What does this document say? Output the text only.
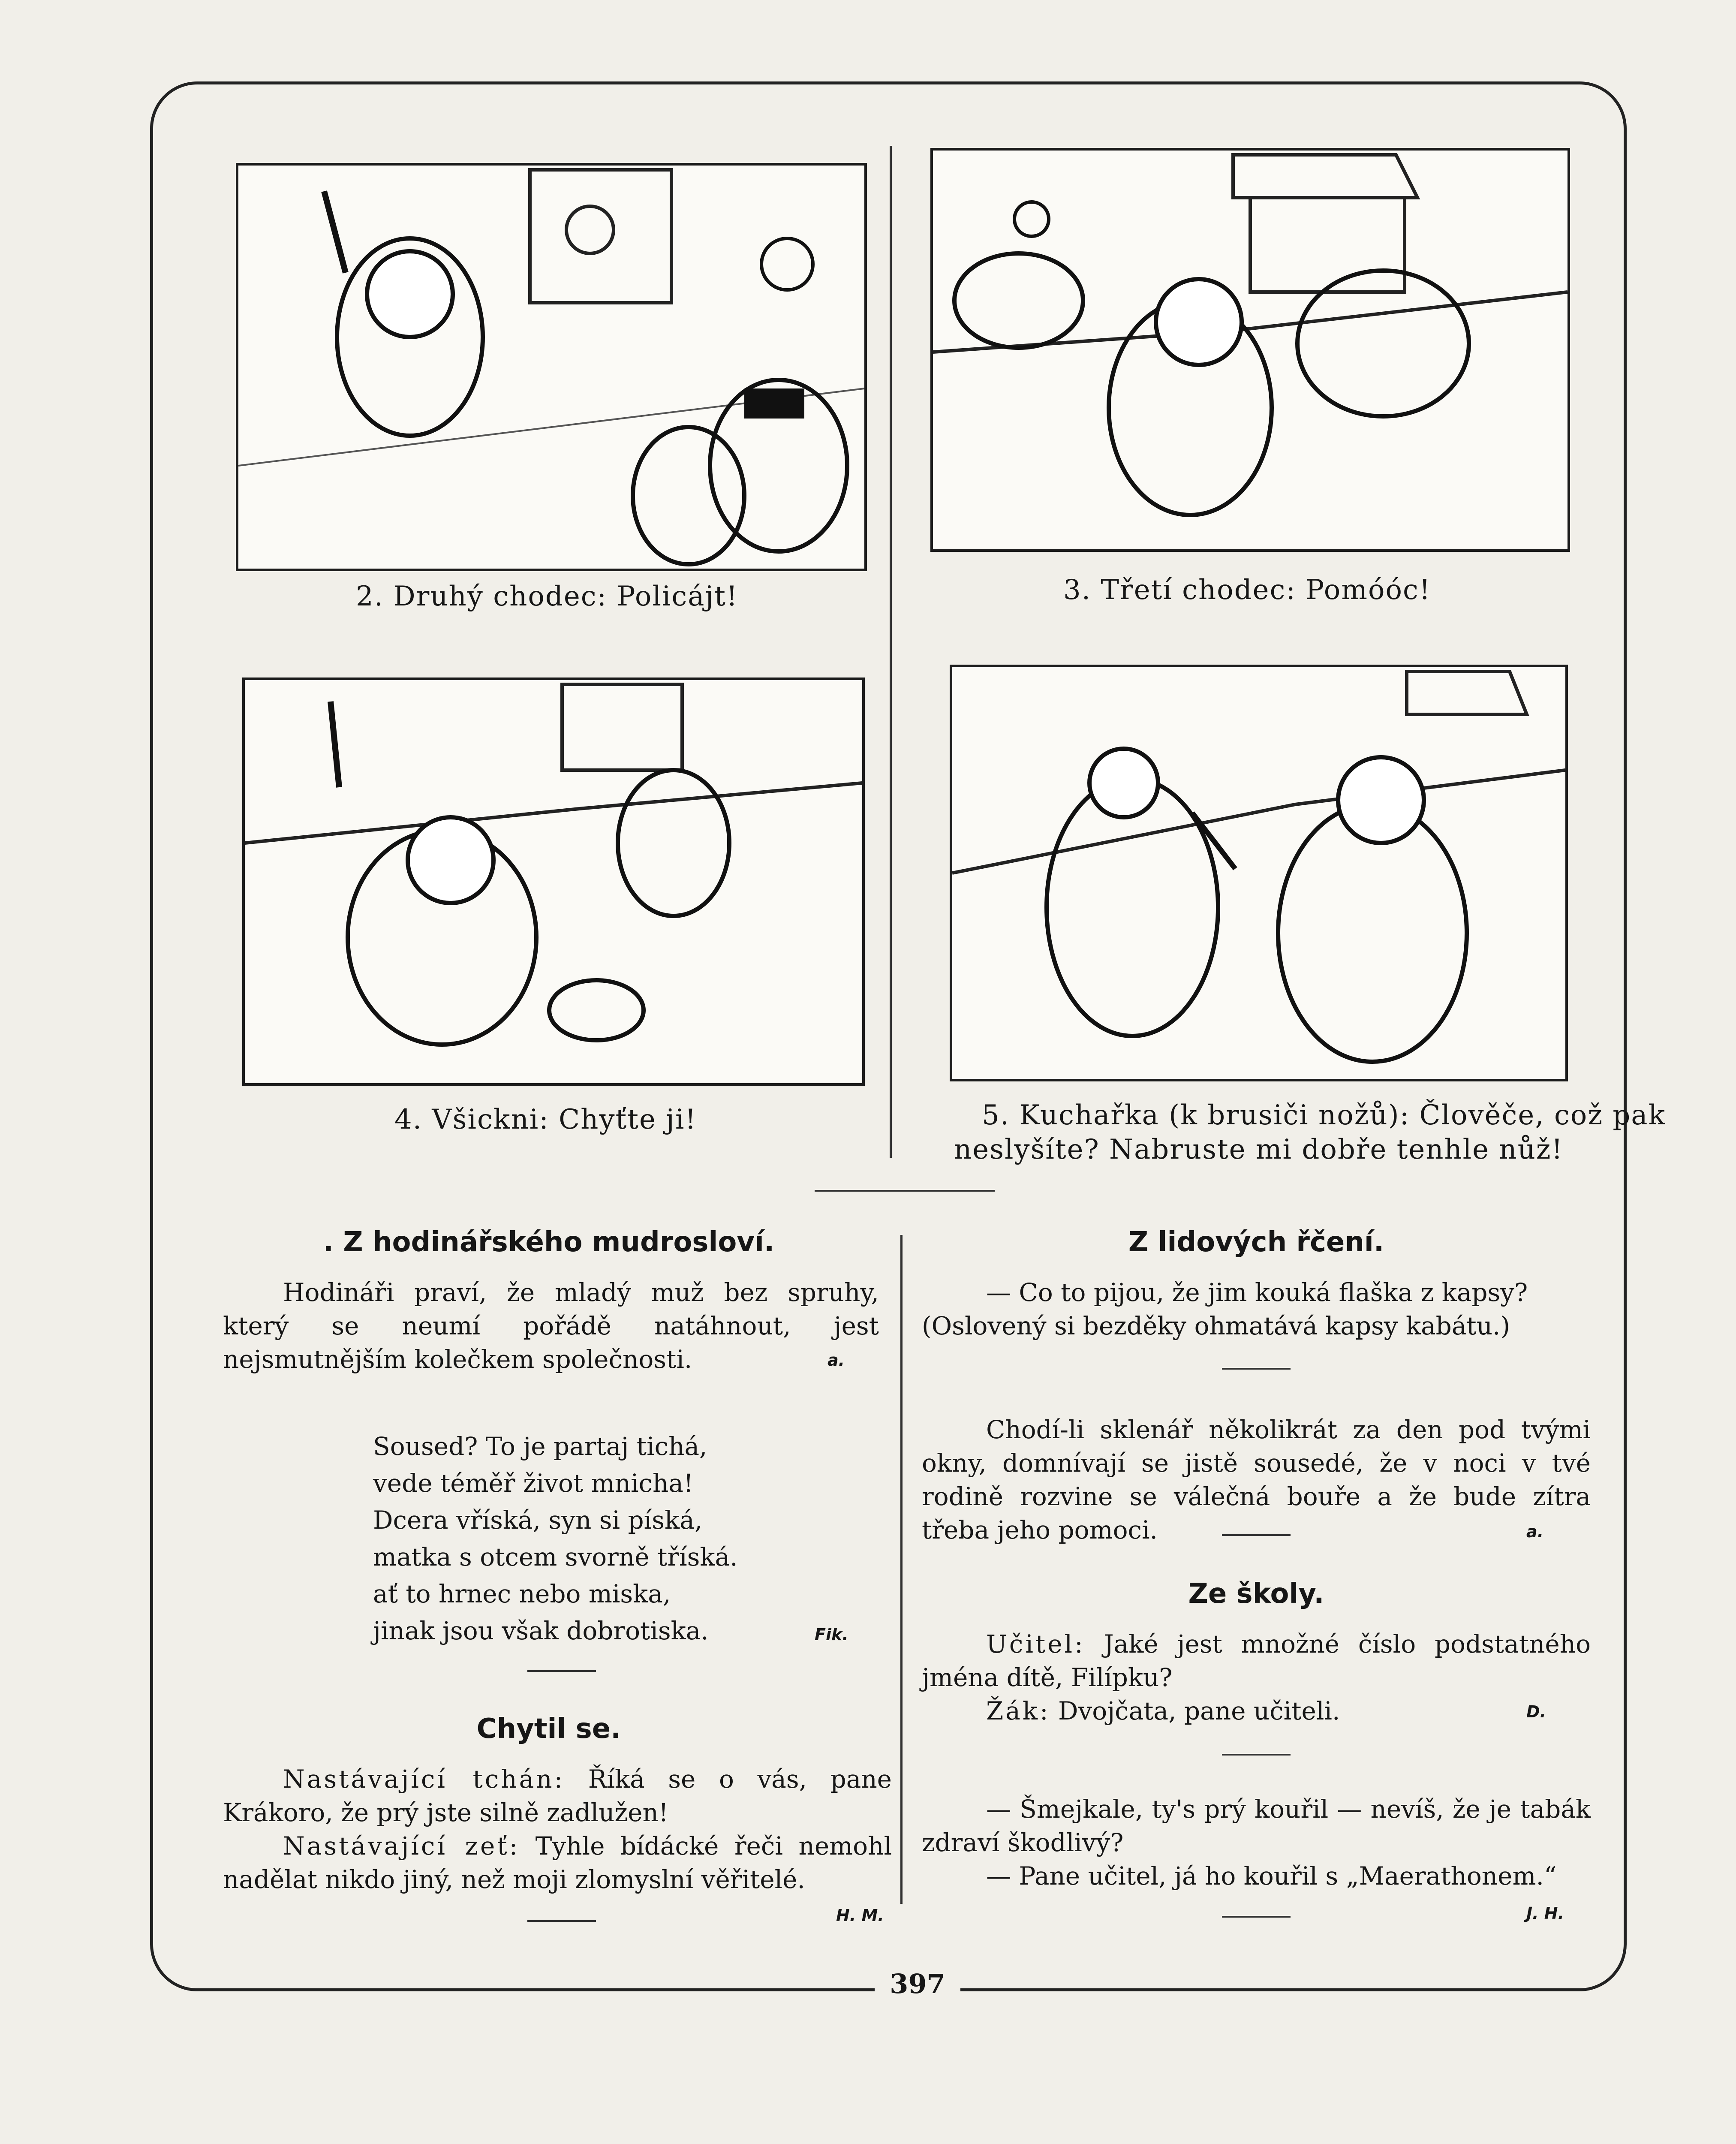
2. Druhý chodec: Policájt!	3. Třetí chodec: Pomóóc!
4. Všickni: Chyťte ji!	5. Kuchařka (k brusiči nožů): Člověče, což pak
neslyšíte? Nabruste mi dobře tenhle nůž!
. Z hodinářského mudrosloví.
Hodináři praví, že mladý muž bez spruhy, který se neumí pořádě natáhnout, jest nejsmutnějším kolečkem společnosti.	a.
Soused? To je partaj tichá,
vede téměř život mnicha!
Dcera vříská, syn si píská,
matka s otcem svorně tříská.
ať to hrnec nebo miska,
jinak jsou však dobrotiska.	Fik.
Chytil se.
Nastávající tchán: Říká se o vás, pane Krákoro, že prý jste silně zadlužen!
Nastávající zeť: Tyhle bídácké řeči nemohl nadělat nikdo jiný, než moji zlomyslní věřitelé.
H. M.
Z lidových řčení.
— Co to pijou, že jim kouká flaška z kapsy?
(Oslovený si bezděky ohmatává kapsy kabátu.)
Chodí-li sklenář několikrát za den pod tvými okny, domnívají se jistě sousedé, že v noci v tvé rodině rozvine se válečná bouře a že bude zítra třeba jeho pomoci.	a.
Ze školy.
Učitel: Jaké jest množné číslo podstatného jména dítě, Filípku?
Žák: Dvojčata, pane učiteli.	D.
— Šmejkale, ty's prý kouřil — nevíš, že je tabák zdraví škodlivý?
— Pane učitel, já ho kouřil s „Maerathonem.“
J. H.
397
